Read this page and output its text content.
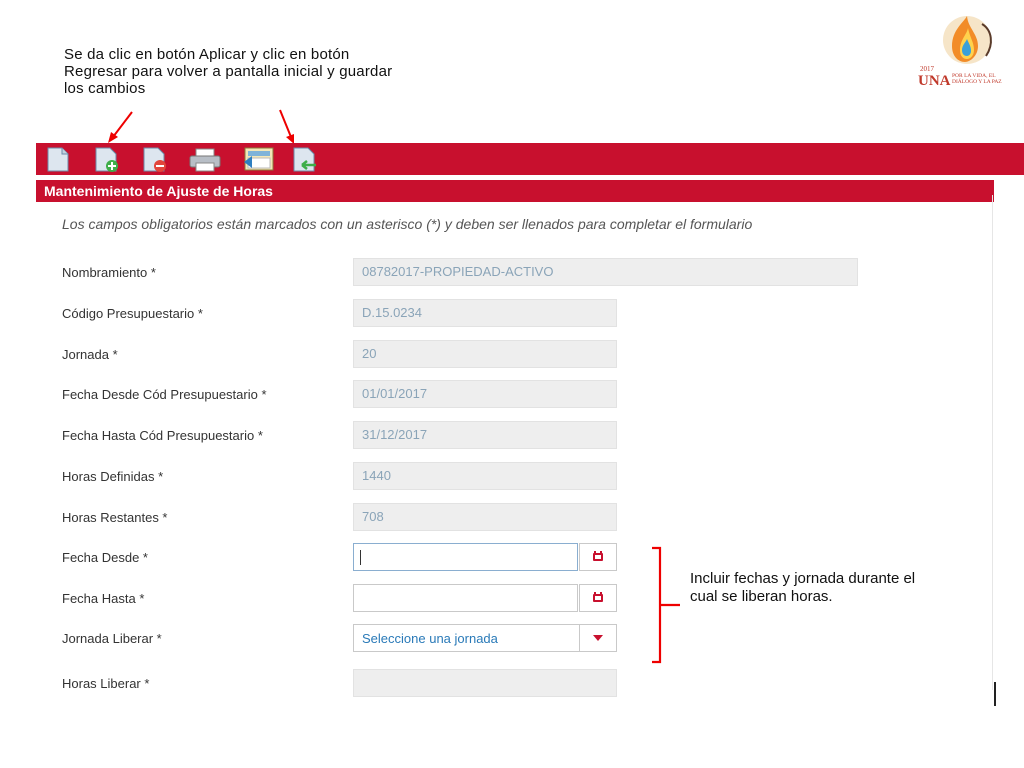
Se da clic en botón Aplicar y clic en botón Regresar para volver a pantalla inicial y guardar los cambios
2017
UNA POR LA VIDA, EL DIÁLOGO Y LA PAZ
Mantenimiento de Ajuste de Horas
Los campos obligatorios están marcados con un asterisco (*) y deben ser llenados para completar el formulario
Nombramiento *	08782017-PROPIEDAD-ACTIVO
Código Presupuestario *	D.15.0234
Jornada *	20
Fecha Desde Cód Presupuestario *	01/01/2017
Fecha Hasta Cód Presupuestario *	31/12/2017
Horas Definidas *	1440
Horas Restantes *	708
Fecha Desde *
Fecha Hasta *
Jornada Liberar *	Seleccione una jornada
Horas Liberar *
Incluir fechas y jornada durante el cual se liberan horas.
